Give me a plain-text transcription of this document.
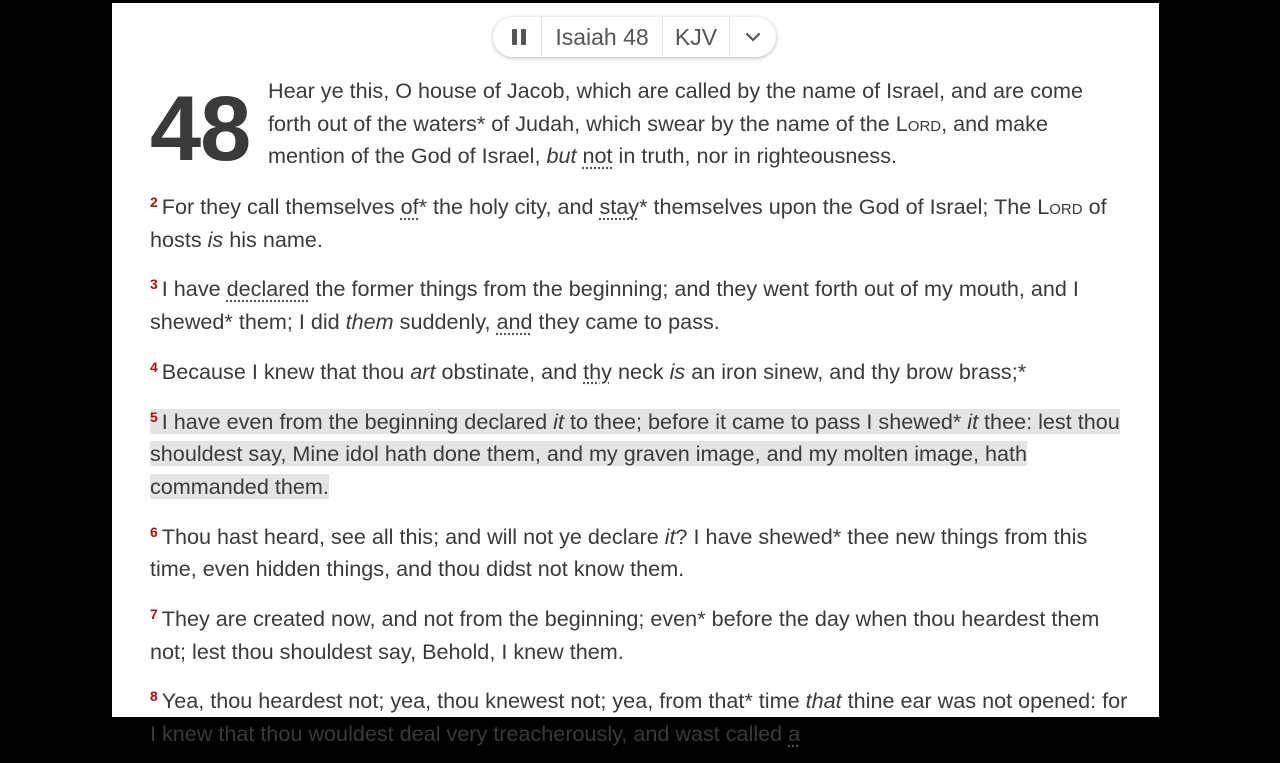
Isaiah 48	KJV
48 Hear ye this, O house of Jacob, which are called by the name of Israel, and are come forth out of the waters* of Judah, which swear by the name of the Lord, and make mention of the God of Israel, but not in truth, nor in righteousness.
$^2$ For they call themselves of* the holy city, and stay* themselves upon the God of Israel; The Lord of hosts is his name.
$^3$ I have declared the former things from the beginning; and they went forth out of my mouth, and I shewed* them; I did them suddenly, and they came to pass.
$^4$ Because I knew that thou art obstinate, and thy neck is an iron sinew, and thy brow brass;*
$^5$ I have even from the beginning declared it to thee; before it came to pass I shewed* it thee: lest thou shouldest say, Mine idol hath done them, and my graven image, and my molten image, hath commanded them.
$^6$ Thou hast heard, see all this; and will not ye declare it? I have shewed* thee new things from this time, even hidden things, and thou didst not know them.
$^7$ They are created now, and not from the beginning; even* before the day when thou heardest them not; lest thou shouldest say, Behold, I knew them.
$^8$ Yea, thou heardest not; yea, thou knewest not; yea, from that* time that thine ear was not opened: for I knew that thou wouldest deal very treacherously, and wast called a
